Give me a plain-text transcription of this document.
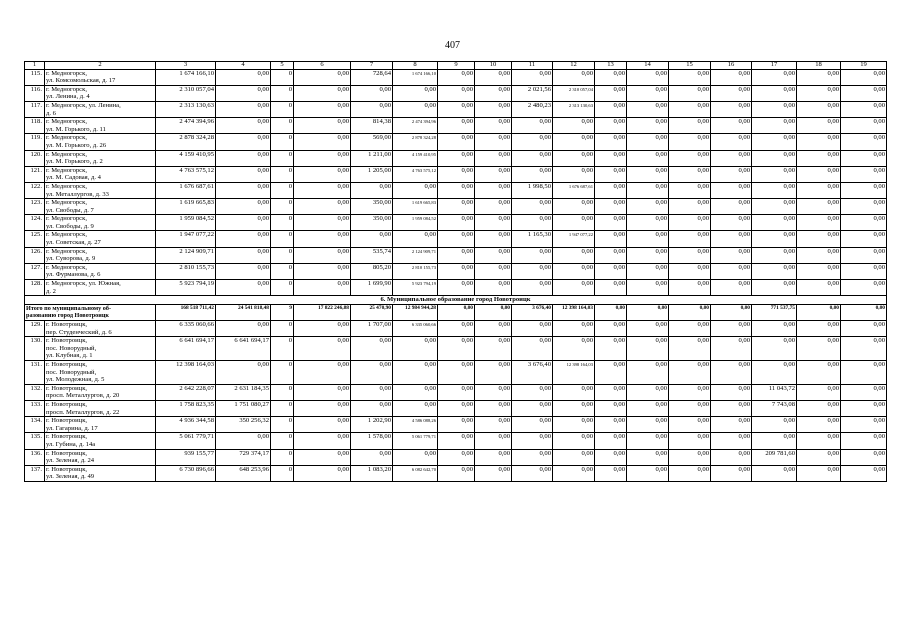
407
1	2	3	4	5	6	7	8	9	10	11	12	13	14	15	16	17	18	19
115.	г. Медногорск,
ул. Комсомольская, д. 17	1 674 166,10	0,00	0	0,00	728,64	1 674 166,10	0,00	0,00	0,00	0,00	0,00	0,00	0,00	0,00	0,00	0,00	0,00
116.	г. Медногорск,
ул. Ленина, д. 4	2 310 057,04	0,00	0	0,00	0,00	0,00	0,00	0,00	2 021,56	2 310 057,04	0,00	0,00	0,00	0,00	0,00	0,00	0,00
117.	г. Медногорск, ул. Ленина,
д. 6	2 313 130,63	0,00	0	0,00	0,00	0,00	0,00	0,00	2 480,23	2 313 130,63	0,00	0,00	0,00	0,00	0,00	0,00	0,00
118.	г. Медногорск,
ул. М. Горького, д. 11	2 474 394,96	0,00	0	0,00	814,38	2 474 394,96	0,00	0,00	0,00	0,00	0,00	0,00	0,00	0,00	0,00	0,00	0,00
119.	г. Медногорск,
ул. М. Горького, д. 26	2 878 324,28	0,00	0	0,00	569,00	2 878 324,28	0,00	0,00	0,00	0,00	0,00	0,00	0,00	0,00	0,00	0,00	0,00
120.	г. Медногорск,
ул. М. Горького, д. 2	4 159 410,95	0,00	0	0,00	1 211,00	4 159 410,95	0,00	0,00	0,00	0,00	0,00	0,00	0,00	0,00	0,00	0,00	0,00
121.	г. Медногорск,
ул. М. Садовая, д. 4	4 763 575,12	0,00	0	0,00	1 205,00	4 763 575,12	0,00	0,00	0,00	0,00	0,00	0,00	0,00	0,00	0,00	0,00	0,00
122.	г. Медногорск,
ул. Металлургов, д. 33	1 676 687,61	0,00	0	0,00	0,00	0,00	0,00	0,00	1 998,50	1 676 687,61	0,00	0,00	0,00	0,00	0,00	0,00	0,00
123.	г. Медногорск,
ул. Свободы, д. 7	1 619 665,83	0,00	0	0,00	350,00	1 619 665,83	0,00	0,00	0,00	0,00	0,00	0,00	0,00	0,00	0,00	0,00	0,00
124.	г. Медногорск,
ул. Свободы, д. 9	1 959 084,52	0,00	0	0,00	350,00	1 959 084,52	0,00	0,00	0,00	0,00	0,00	0,00	0,00	0,00	0,00	0,00	0,00
125.	г. Медногорск,
ул. Советская, д. 27	1 947 077,22	0,00	0	0,00	0,00	0,00	0,00	0,00	1 165,30	1 947 077,22	0,00	0,00	0,00	0,00	0,00	0,00	0,00
126.	г. Медногорск,
ул. Суворова, д. 9	2 124 909,71	0,00	0	0,00	535,74	2 124 909,71	0,00	0,00	0,00	0,00	0,00	0,00	0,00	0,00	0,00	0,00	0,00
127.	г. Медногорск,
ул. Фурманова, д. 6	2 810 155,73	0,00	0	0,00	805,20	2 810 155,73	0,00	0,00	0,00	0,00	0,00	0,00	0,00	0,00	0,00	0,00	0,00
128.	г. Медногорск, ул. Южная,
д. 2	5 923 794,19	0,00	0	0,00	1 699,90	5 923 794,19	0,00	0,00	0,00	0,00	0,00	0,00	0,00	0,00	0,00	0,00	0,00
6. Муниципальное образование город Новотроицк																		

Итого по муниципальному об-
разованию город Новотроицк		168 518 711,42	24 541 818,48	9	17 822 246,88	25 470,90	12 984 944,28	0,00	0,00	3 676,40	12 398 164,03	0,00	0,00	0,00	0,00	771 537,75	0,00	0,00
129.	г. Новотроицк,
пер. Студенческий, д. 6	6 335 060,66	0,00	0	0,00	1 707,00	6 335 060,66	0,00	0,00	0,00	0,00	0,00	0,00	0,00	0,00	0,00	0,00	0,00
130.	г. Новотроицк,
пос. Новорудный,
ул. Клубная, д. 1	6 641 694,17	6 641 694,17	0	0,00	0,00	0,00	0,00	0,00	0,00	0,00	0,00	0,00	0,00	0,00	0,00	0,00	0,00
131.	г. Новотроицк,
пос. Новорудный,
ул. Молодежная, д. 5	12 398 164,03	0,00	0	0,00	0,00	0,00	0,00	0,00	3 676,40	12 398 164,03	0,00	0,00	0,00	0,00	0,00	0,00	0,00
132.	г. Новотроицк,
просп. Металлургов, д. 20	2 642 228,07	2 631 184,35	0	0,00	0,00	0,00	0,00	0,00	0,00	0,00	0,00	0,00	0,00	0,00	11 043,72	0,00	0,00
133.	г. Новотроицк,
просп. Металлургов, д. 22	1 758 823,35	1 751 080,27	0	0,00	0,00	0,00	0,00	0,00	0,00	0,00	0,00	0,00	0,00	0,00	7 743,08	0,00	0,00
134.	г. Новотроицк,
ул. Гагарина, д. 17	4 936 344,58	350 256,32	0	0,00	1 202,90	4 586 088,26	0,00	0,00	0,00	0,00	0,00	0,00	0,00	0,00	0,00	0,00	0,00
135.	г. Новотроицк,
ул. Губина, д. 14а	5 061 779,71	0,00	0	0,00	1 578,00	5 061 779,71	0,00	0,00	0,00	0,00	0,00	0,00	0,00	0,00	0,00	0,00	0,00
136.	г. Новотроицк,
ул. Зеленая, д. 24	939 155,77	729 374,17	0	0,00	0,00	0,00	0,00	0,00	0,00	0,00	0,00	0,00	0,00	0,00	209 781,60	0,00	0,00
137.	г. Новотроицк,
ул. Зеленая, д. 49	6 730 896,66	648 253,96	0	0,00	1 083,20	6 082 642,70	0,00	0,00	0,00	0,00	0,00	0,00	0,00	0,00	0,00	0,00	0,00
